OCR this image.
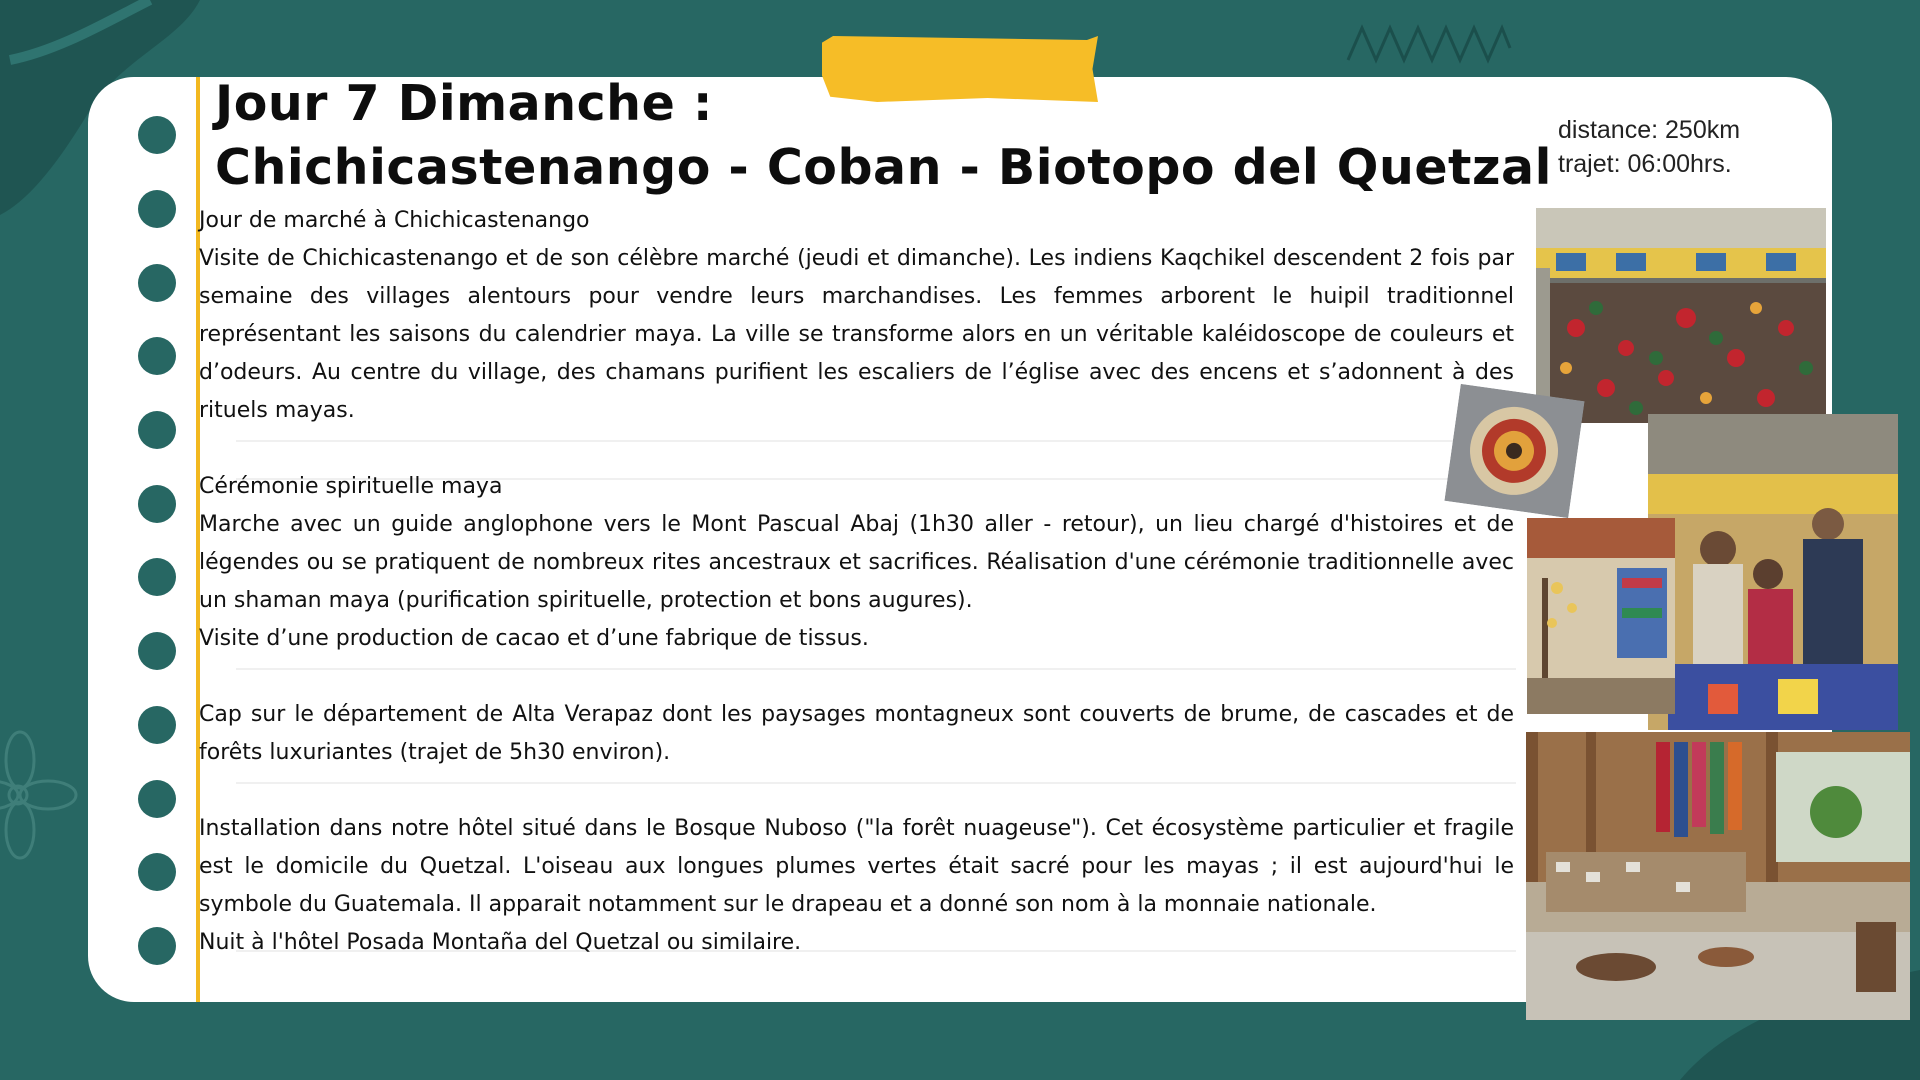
Jour 7 Dimanche :
Chichicastenango - Coban - Biotopo del Quetzal
distance: 250km
trajet: 06:00hrs.

Jour de marché à Chichicastenango

Visite de Chichicastenango et de son célèbre marché (jeudi et dimanche). Les indiens Kaqchikel descendent 2 fois par semaine des villages alentours pour vendre leurs marchandises. Les femmes arborent le huipil traditionnel représentant les saisons du calendrier maya. La ville se transforme alors en un véritable kaléidoscope de couleurs et d’odeurs. Au centre du village, des chamans purifient les escaliers de l’église avec des encens et s’adonnent à des rituels mayas.

Cérémonie spirituelle maya

Marche avec un guide anglophone vers le Mont Pascual Abaj (1h30 aller - retour), un lieu chargé d'histoires et de légendes ou se pratiquent de nombreux rites ancestraux et sacrifices. Réalisation d'une cérémonie traditionnelle avec un shaman maya (purification spirituelle, protection et bons augures).

Visite d’une production de cacao et d’une fabrique de tissus.

Cap sur le département de Alta Verapaz dont les paysages montagneux sont couverts de brume, de cascades et de forêts luxuriantes (trajet de 5h30 environ).

Installation dans notre hôtel situé dans le Bosque Nuboso ("la forêt nuageuse"). Cet écosystème particulier et fragile est le domicile du Quetzal. L'oiseau aux longues plumes vertes était sacré pour les mayas ; il est aujourd'hui le symbole du Guatemala. Il apparait notamment sur le drapeau et a donné son nom à la monnaie nationale.

Nuit à l'hôtel Posada Montaña del Quetzal ou similaire.
